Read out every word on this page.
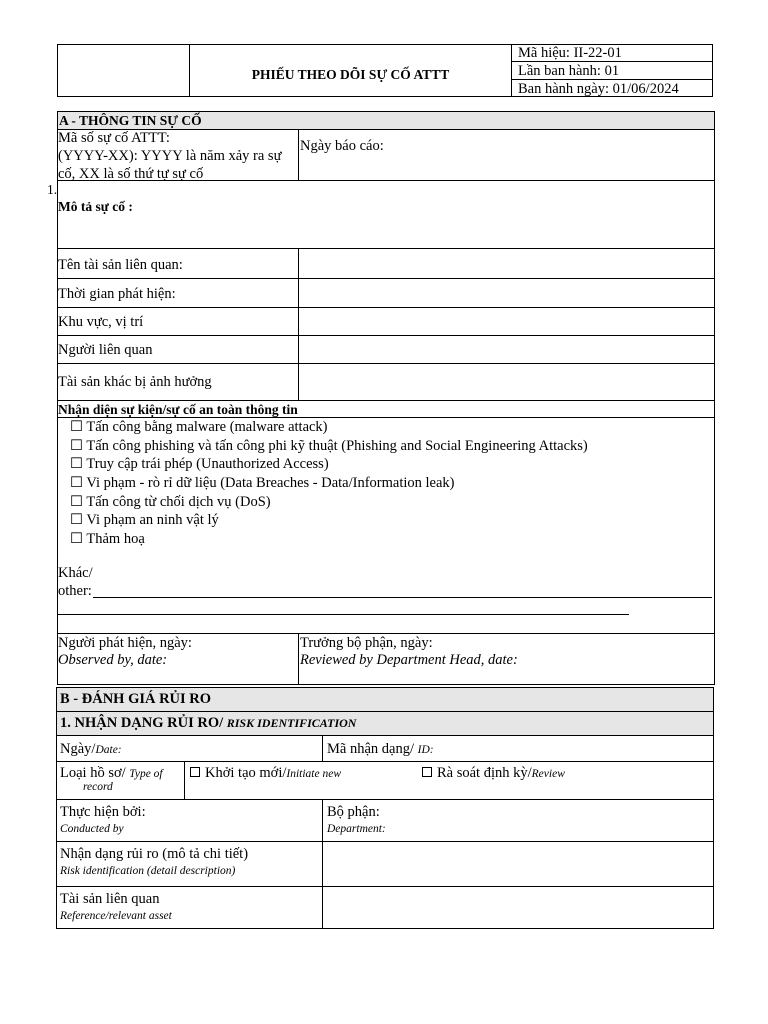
PHIẾU THEO DÕI SỰ CỐ ATTT
Mã hiệu: II-22-01
Lần ban hành: 01
Ban hành ngày: 01/06/2024
A - THÔNG TIN SỰ CỐ
Mã số sự cố ATTT:
(YYYY-XX): YYYY là năm xảy ra sự cố, XX là số thứ tự sự cố
Ngày báo cáo:
1.
Mô tả sự cố :
Tên tài sản liên quan:
Thời gian phát hiện:
Khu vực, vị trí
Người liên quan
Tài sản khác bị ảnh hưởng
Nhận diện sự kiện/sự cố an toàn thông tin
☐ Tấn công bằng malware (malware attack)
☐ Tấn công phishing và tấn công phi kỹ thuật (Phishing and Social Engineering Attacks)
☐ Truy cập trái phép (Unauthorized Access)
☐ Vi phạm - rò rỉ dữ liệu (Data Breaches - Data/Information leak)
☐ Tấn công từ chối dịch vụ (DoS)
☐ Vi phạm an ninh vật lý
☐ Thảm hoạ
Khác/
other:
Người phát hiện, ngày:
Observed by, date:
Trưởng bộ phận, ngày:
Reviewed by Department Head, date:
B - ĐÁNH GIÁ RỦI RO
1. NHẬN DẠNG RỦI RO/ RISK IDENTIFICATION
Ngày/Date:	Mã nhận dạng/ ID:
Loại hồ sơ/ Type of
record
Khởi tạo mới/Initiate new	Rà soát định kỳ/Review
Thực hiện bởi:
Conducted by
Bộ phận:
Department:
Nhận dạng rủi ro (mô tả chi tiết)
Risk identification (detail description)
Tài sản liên quan
Reference/relevant asset
